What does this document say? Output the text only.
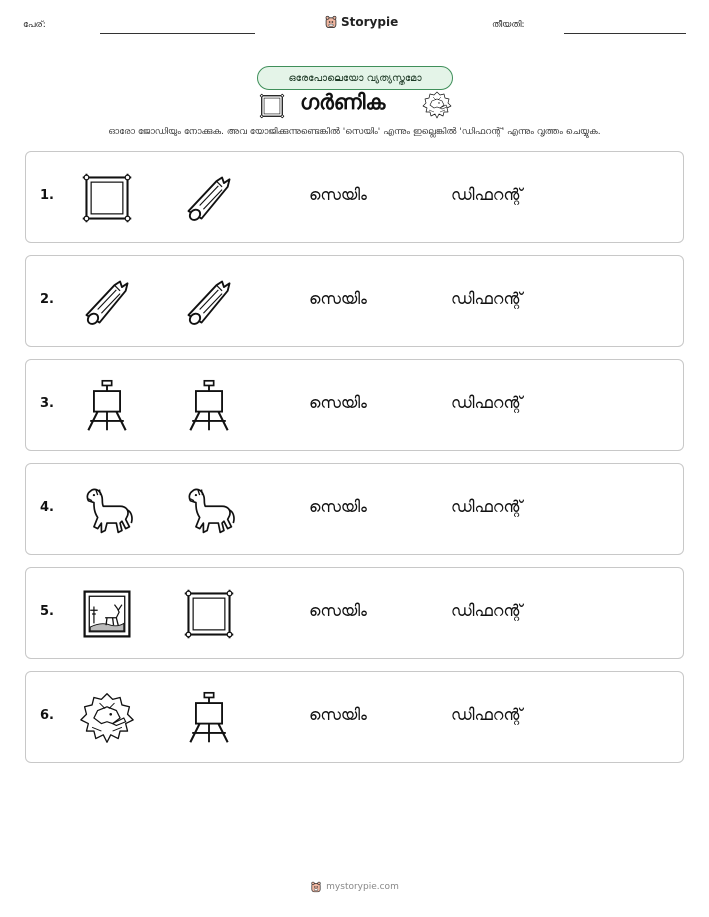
പേര്:	Storypie	തീയതി:
ഒരേപോലെയോ വ്യത്യസ്തമോ
ഗർണിക
ഓരോ ജോഡിയും നോക്കുക. അവ യോജിക്കുന്നുണ്ടെങ്കിൽ 'സെയിം' എന്നും ഇല്ലെങ്കിൽ 'ഡിഫറന്റ്' എന്നും വൃത്തം ചെയ്യുക.
1.	സെയിം	ഡിഫറന്റ്
2.	സെയിം	ഡിഫറന്റ്
3.	സെയിം	ഡിഫറന്റ്
4.	സെയിം	ഡിഫറന്റ്
5.	സെയിം	ഡിഫറന്റ്
6.	സെയിം	ഡിഫറന്റ്
mystorypie.com
